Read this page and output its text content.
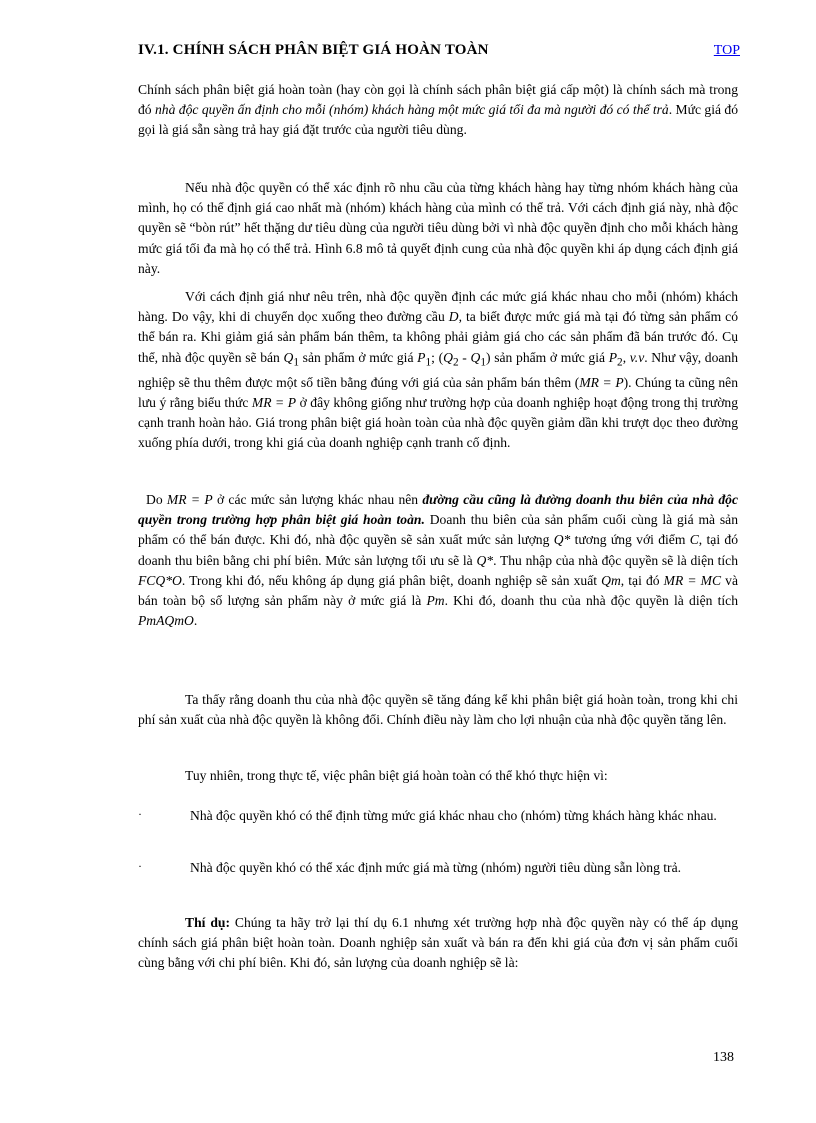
IV.1. CHÍNH SÁCH PHÂN BIỆT GIÁ HOÀN TOÀN	TOP

Chính sách phân biệt giá hoàn toàn (hay còn gọi là chính sách phân biệt giá cấp một) là chính sách mà trong đó nhà độc quyền ấn định cho mỗi (nhóm) khách hàng một mức giá tối đa mà người đó có thể trả. Mức giá đó gọi là giá sẵn sàng trả hay giá đặt trước của người tiêu dùng.

Nếu nhà độc quyền có thể xác định rõ nhu cầu của từng khách hàng hay từng nhóm khách hàng của mình, họ có thể định giá cao nhất mà (nhóm) khách hàng của mình có thể trả. Với cách định giá này, nhà độc quyền sẽ “bòn rút” hết thặng dư tiêu dùng của người tiêu dùng bởi vì nhà độc quyền định cho mỗi khách hàng mức giá tối đa mà họ có thể trả. Hình 6.8 mô tả quyết định cung của nhà độc quyền khi áp dụng cách định giá này.

Với cách định giá như nêu trên, nhà độc quyền định các mức giá khác nhau cho mỗi (nhóm) khách hàng. Do vậy, khi di chuyển dọc xuống theo đường cầu D, ta biết được mức giá mà tại đó từng sản phẩm có thể bán ra. Khi giảm giá sản phẩm bán thêm, ta không phải giảm giá cho các sản phẩm đã bán trước đó. Cụ thể, nhà độc quyền sẽ bán $Q_1$ sản phẩm ở mức giá $P_1$; $(Q_2 - Q_1)$ sản phẩm ở mức giá $P_2$, v.v. Như vậy, doanh nghiệp sẽ thu thêm được một số tiền bằng đúng với giá của sản phẩm bán thêm (MR = P). Chúng ta cũng nên lưu ý rằng biểu thức MR = P ở đây không giống như trường hợp của doanh nghiệp hoạt động trong thị trường cạnh tranh hoàn hảo. Giá trong phân biệt giá hoàn toàn của nhà độc quyền giảm dần khi trượt dọc theo đường xuống phía dưới, trong khi giá của doanh nghiệp cạnh tranh cố định.

Do MR = P ở các mức sản lượng khác nhau nên đường cầu cũng là đường doanh thu biên của nhà độc quyền trong trường hợp phân biệt giá hoàn toàn. Doanh thu biên của sản phẩm cuối cùng là giá mà sản phẩm có thể bán được. Khi đó, nhà độc quyền sẽ sản xuất mức sản lượng Q* tương ứng với điểm C, tại đó doanh thu biên bằng chi phí biên. Mức sản lượng tối ưu sẽ là Q*. Thu nhập của nhà độc quyền sẽ là diện tích FCQ*O. Trong khi đó, nếu không áp dụng giá phân biệt, doanh nghiệp sẽ sản xuất Qm, tại đó MR = MC và bán toàn bộ số lượng sản phẩm này ở mức giá là Pm. Khi đó, doanh thu của nhà độc quyền là diện tích PmAQmO.

Ta thấy rằng doanh thu của nhà độc quyền sẽ tăng đáng kể khi phân biệt giá hoàn toàn, trong khi chi phí sản xuất của nhà độc quyền là không đổi. Chính điều này làm cho lợi nhuận của nhà độc quyền tăng lên.

Tuy nhiên, trong thực tế, việc phân biệt giá hoàn toàn có thể khó thực hiện vì:

·	Nhà độc quyền khó có thể định từng mức giá khác nhau cho (nhóm) từng khách hàng khác nhau.
·	Nhà độc quyền khó có thể xác định mức giá mà từng (nhóm) người tiêu dùng sẵn lòng trả.

Thí dụ: Chúng ta hãy trở lại thí dụ 6.1 nhưng xét trường hợp nhà độc quyền này có thể áp dụng chính sách giá phân biệt hoàn toàn. Doanh nghiệp sản xuất và bán ra đến khi giá của đơn vị sản phẩm cuối cùng bằng với chi phí biên. Khi đó, sản lượng của doanh nghiệp sẽ là:

138
